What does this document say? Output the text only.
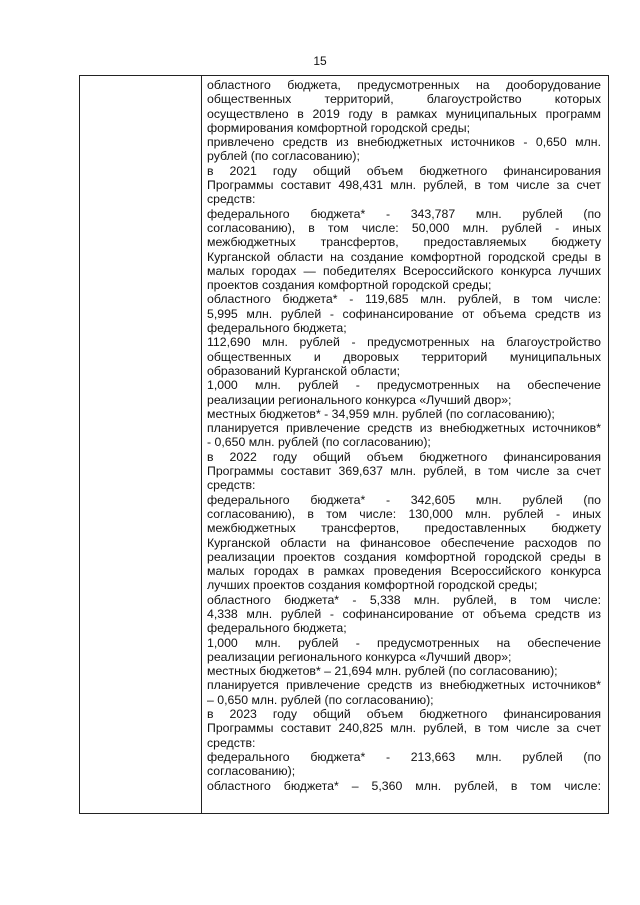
15
областного бюджета, предусмотренных на дооборудование
общественных территорий, благоустройство которых
осуществлено в 2019 году в рамках муниципальных программ
формирования комфортной городской среды;
привлечено средств из внебюджетных источников - 0,650 млн.
рублей (по согласованию);
в 2021 году общий объем бюджетного финансирования
Программы составит 498,431 млн. рублей, в том числе за счет
средств:
федерального бюджета* - 343,787 млн. рублей (по
согласованию), в том числе: 50,000 млн. рублей - иных
межбюджетных трансфертов, предоставляемых бюджету
Курганской области на создание комфортной городской среды в
малых городах — победителях Всероссийского конкурса лучших
проектов создания комфортной городской среды;
областного бюджета* - 119,685 млн. рублей, в том числе:
5,995 млн. рублей - софинансирование от объема средств из
федерального бюджета;
112,690 млн. рублей - предусмотренных на благоустройство
общественных и дворовых территорий муниципальных
образований Курганской области;
1,000 млн. рублей - предусмотренных на обеспечение
реализации регионального конкурса «Лучший двор»;
местных бюджетов* - 34,959 млн. рублей (по согласованию);
планируется привлечение средств из внебюджетных источников*
- 0,650 млн. рублей (по согласованию);
в 2022 году общий объем бюджетного финансирования
Программы составит 369,637 млн. рублей, в том числе за счет
средств:
федерального бюджета* - 342,605 млн. рублей (по
согласованию), в том числе: 130,000 млн. рублей - иных
межбюджетных трансфертов, предоставленных бюджету
Курганской области на финансовое обеспечение расходов по
реализации проектов создания комфортной городской среды в
малых городах в рамках проведения Всероссийского конкурса
лучших проектов создания комфортной городской среды;
областного бюджета* - 5,338 млн. рублей, в том числе:
4,338 млн. рублей - софинансирование от объема средств из
федерального бюджета;
1,000 млн. рублей - предусмотренных на обеспечение
реализации регионального конкурса «Лучший двор»;
местных бюджетов* – 21,694 млн. рублей (по согласованию);
планируется привлечение средств из внебюджетных источников*
– 0,650 млн. рублей (по согласованию);
в 2023 году общий объем бюджетного финансирования
Программы составит 240,825 млн. рублей, в том числе за счет
средств:
федерального бюджета* - 213,663 млн. рублей (по
согласованию);
областного бюджета* – 5,360 млн. рублей, в том числе:
